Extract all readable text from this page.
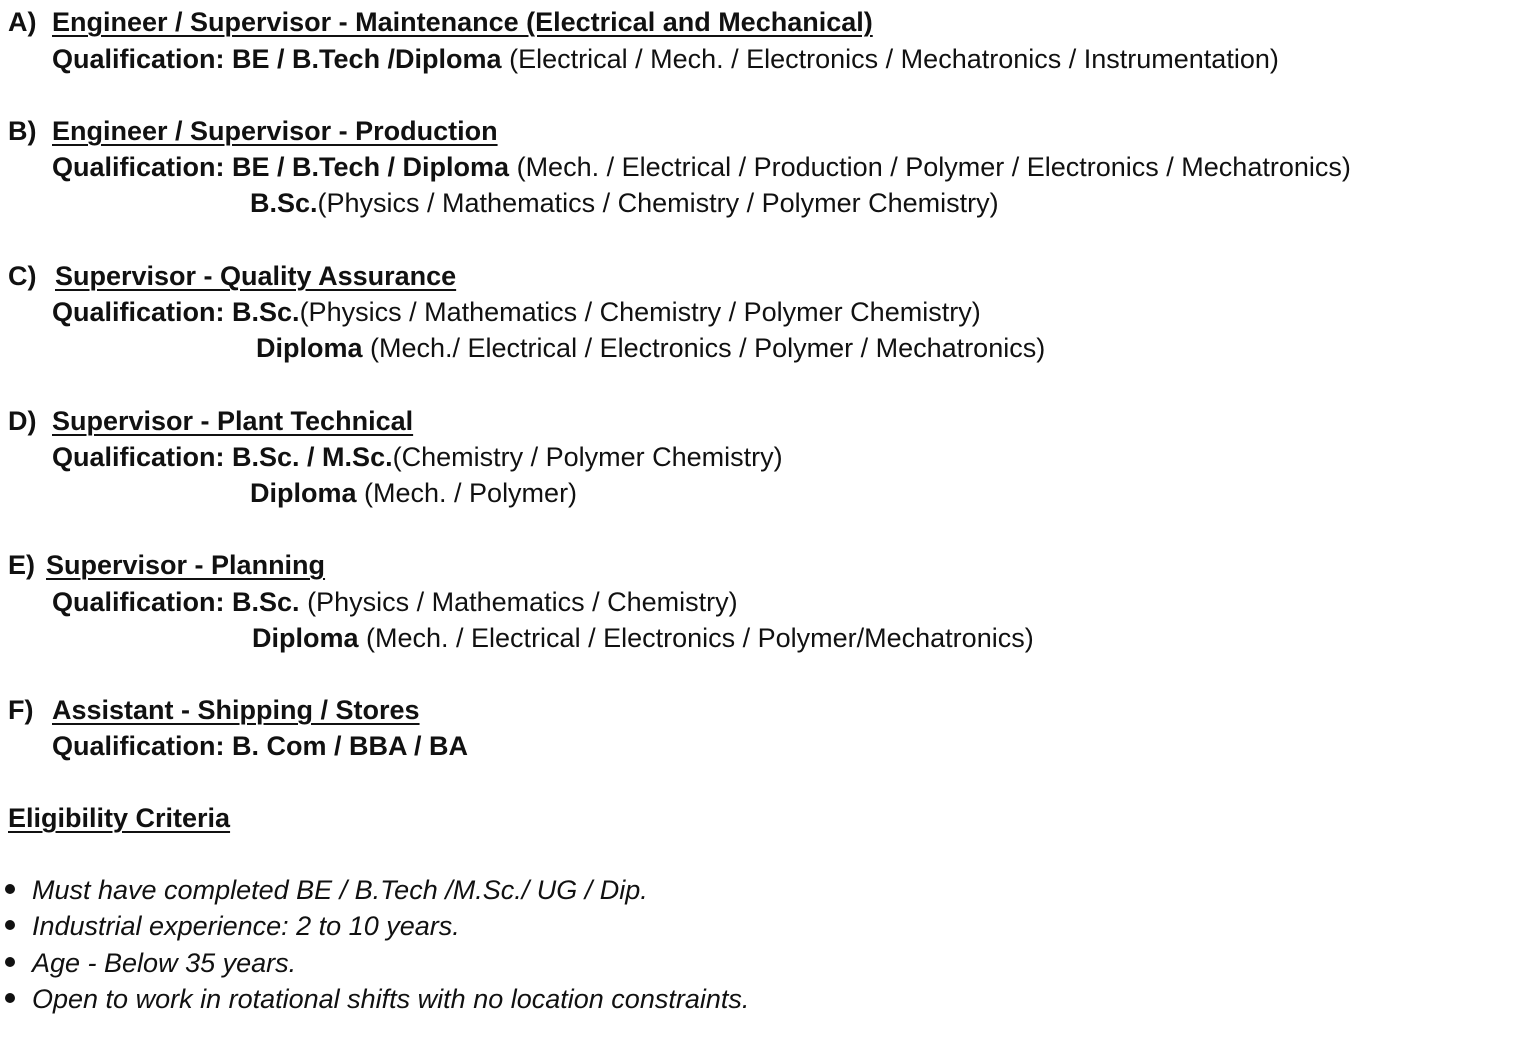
A) Engineer / Supervisor - Maintenance (Electrical and Mechanical)
Qualification: BE / B.Tech /Diploma (Electrical / Mech. / Electronics / Mechatronics / Instrumentation)
B) Engineer / Supervisor - Production
Qualification: BE / B.Tech / Diploma (Mech. / Electrical / Production / Polymer / Electronics / Mechatronics)
B.Sc.(Physics / Mathematics / Chemistry / Polymer Chemistry)
C) Supervisor - Quality Assurance
Qualification: B.Sc.(Physics / Mathematics / Chemistry / Polymer Chemistry)
Diploma (Mech./ Electrical / Electronics / Polymer / Mechatronics)
D) Supervisor - Plant Technical
Qualification: B.Sc. / M.Sc.(Chemistry / Polymer Chemistry)
Diploma (Mech. / Polymer)
E) Supervisor - Planning
Qualification: B.Sc. (Physics / Mathematics / Chemistry)
Diploma (Mech. / Electrical / Electronics / Polymer/Mechatronics)
F) Assistant - Shipping / Stores
Qualification: B. Com / BBA / BA
Eligibility Criteria
Must have completed BE / B.Tech /M.Sc./ UG / Dip.
Industrial experience: 2 to 10 years.
Age - Below 35 years.
Open to work in rotational shifts with no location constraints.
